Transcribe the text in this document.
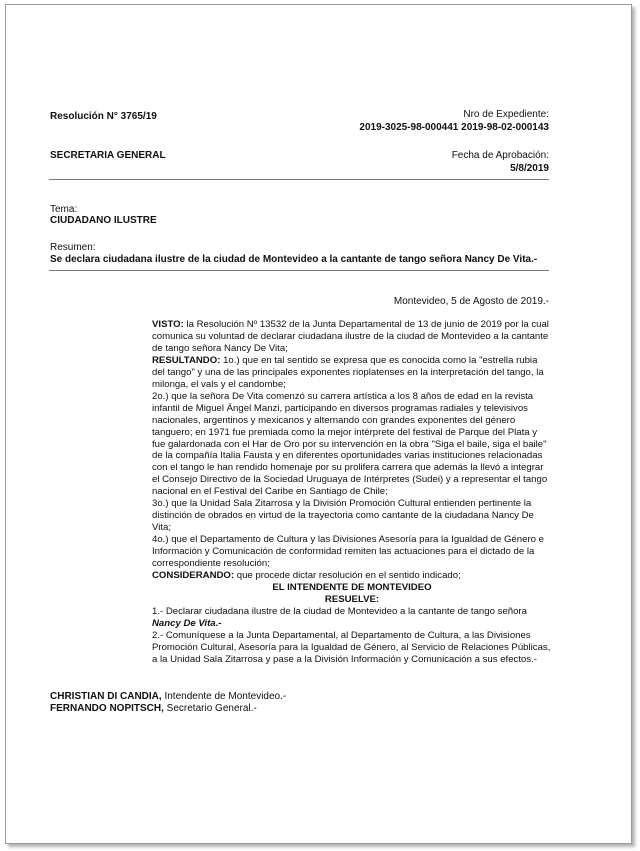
Resolución N° 3765/19	Nro de Expediente:
2019-3025-98-000441 2019-98-02-000143
SECRETARIA GENERAL	Fecha de Aprobación:
5/8/2019
Tema:
CIUDADANO ILUSTRE
Resumen:
Se declara ciudadana ilustre de la ciudad de Montevideo a la cantante de tango señora Nancy De Vita.-
Montevideo, 5 de Agosto de 2019.-

VISTO: la Resolución Nº 13532 de la Junta Departamental de 13 de junio de 2019 por la cual comunica su voluntad de declarar ciudadana ilustre de la ciudad de Montevideo a la cantante de tango señora Nancy De Vita;

RESULTANDO: 1o.) que en tal sentido se expresa que es conocida como la "estrella rubia del tango" y una de las principales exponentes rioplatenses en la interpretación del tango, la milonga, el vals y el candombe;

2o.) que la señora De Vita comenzó su carrera artística a los 8 años de edad en la revista infantil de Miguel Ángel Manzi, participando en diversos programas radiales y televisivos nacionales, argentinos y mexicanos y alternando con grandes exponentes del género tanguero; en 1971 fue premiada como la mejor intérprete del festival de Parque del Plata y fue galardonada con el Har de Oro por su intervención en la obra "Siga el baile, siga el baile" de la compañía Italia Fausta y en diferentes oportunidades varias instituciones relacionadas con el tango le han rendido homenaje por su prolifera carrera que además la llevó a integrar el Consejo Directivo de la Sociedad Uruguaya de Intérpretes (Sudei) y a representar el tango nacional en el Festival del Caribe en Santiago de Chile;

3o.) que la Unidad Sala Zitarrosa y la División Promoción Cultural entienden pertinente la distinción de obrados en virtud de la trayectoria como cantante de la ciudadana Nancy De Vita;

4o.) que el Departamento de Cultura y las Divisiones Asesoría para la Igualdad de Género e Información y Comunicación de conformidad remiten las actuaciones para el dictado de la correspondiente resolución;

CONSIDERANDO: que procede dictar resolución en el sentido indicado;

EL INTENDENTE DE MONTEVIDEO

RESUELVE:

1.- Declarar ciudadana ilustre de la ciudad de Montevideo a la cantante de tango señora Nancy De Vita.-

2.- Comuníquese a la Junta Departamental, al Departamento de Cultura, a las Divisiones Promoción Cultural, Asesoría para la Igualdad de Género, al Servicio de Relaciones Públicas, a la Unidad Sala Zitarrosa y pase a la División Información y Comunicación a sus efectos.-

CHRISTIAN DI CANDIA, Intendente de Montevideo.-
FERNANDO NOPITSCH, Secretario General.-
